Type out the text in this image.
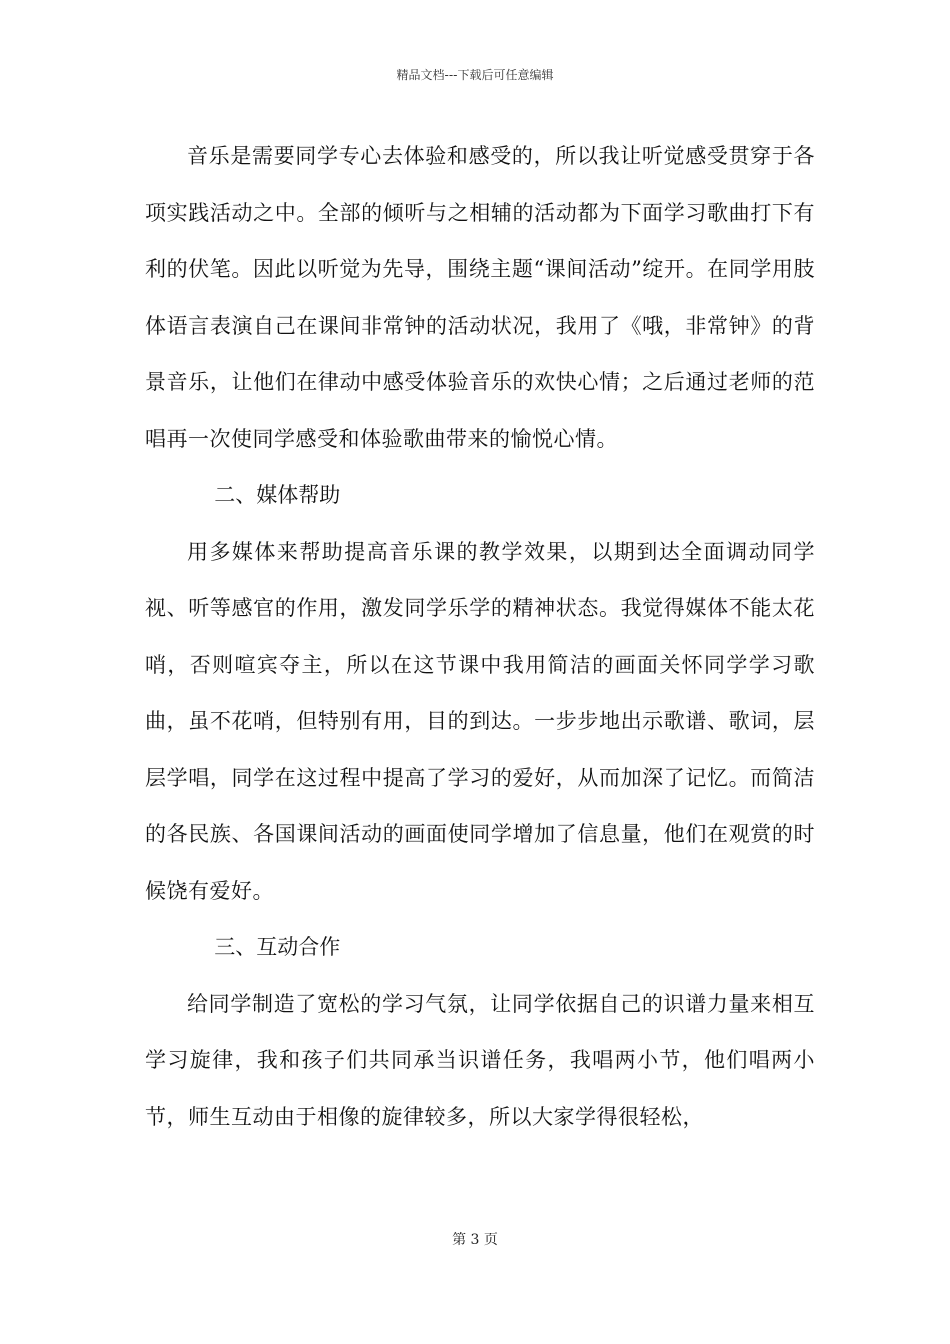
精品文档---下载后可任意编辑

音乐是需要同学专心去体验和感受的，所以我让听觉感受贯穿于各项实践活动之中。全部的倾听与之相辅的活动都为下面学习歌曲打下有利的伏笔。因此以听觉为先导，围绕主题“课间活动”绽开。在同学用肢体语言表演自己在课间非常钟的活动状况，我用了《哦，非常钟》的背景音乐，让他们在律动中感受体验音乐的欢快心情；之后通过老师的范唱再一次使同学感受和体验歌曲带来的愉悦心情。

二、媒体帮助

用多媒体来帮助提高音乐课的教学效果，以期到达全面调动同学视、听等感官的作用，激发同学乐学的精神状态。我觉得媒体不能太花哨，否则喧宾夺主，所以在这节课中我用简洁的画面关怀同学学习歌曲，虽不花哨，但特别有用，目的到达。一步步地出示歌谱、歌词，层层学唱，同学在这过程中提高了学习的爱好，从而加深了记忆。而简洁的各民族、各国课间活动的画面使同学增加了信息量，他们在观赏的时候饶有爱好。

三、互动合作

给同学制造了宽松的学习气氛，让同学依据自己的识谱力量来相互学习旋律，我和孩子们共同承当识谱任务，我唱两小节，他们唱两小节，师生互动由于相像的旋律较多，所以大家学得很轻松，

第 3 页
